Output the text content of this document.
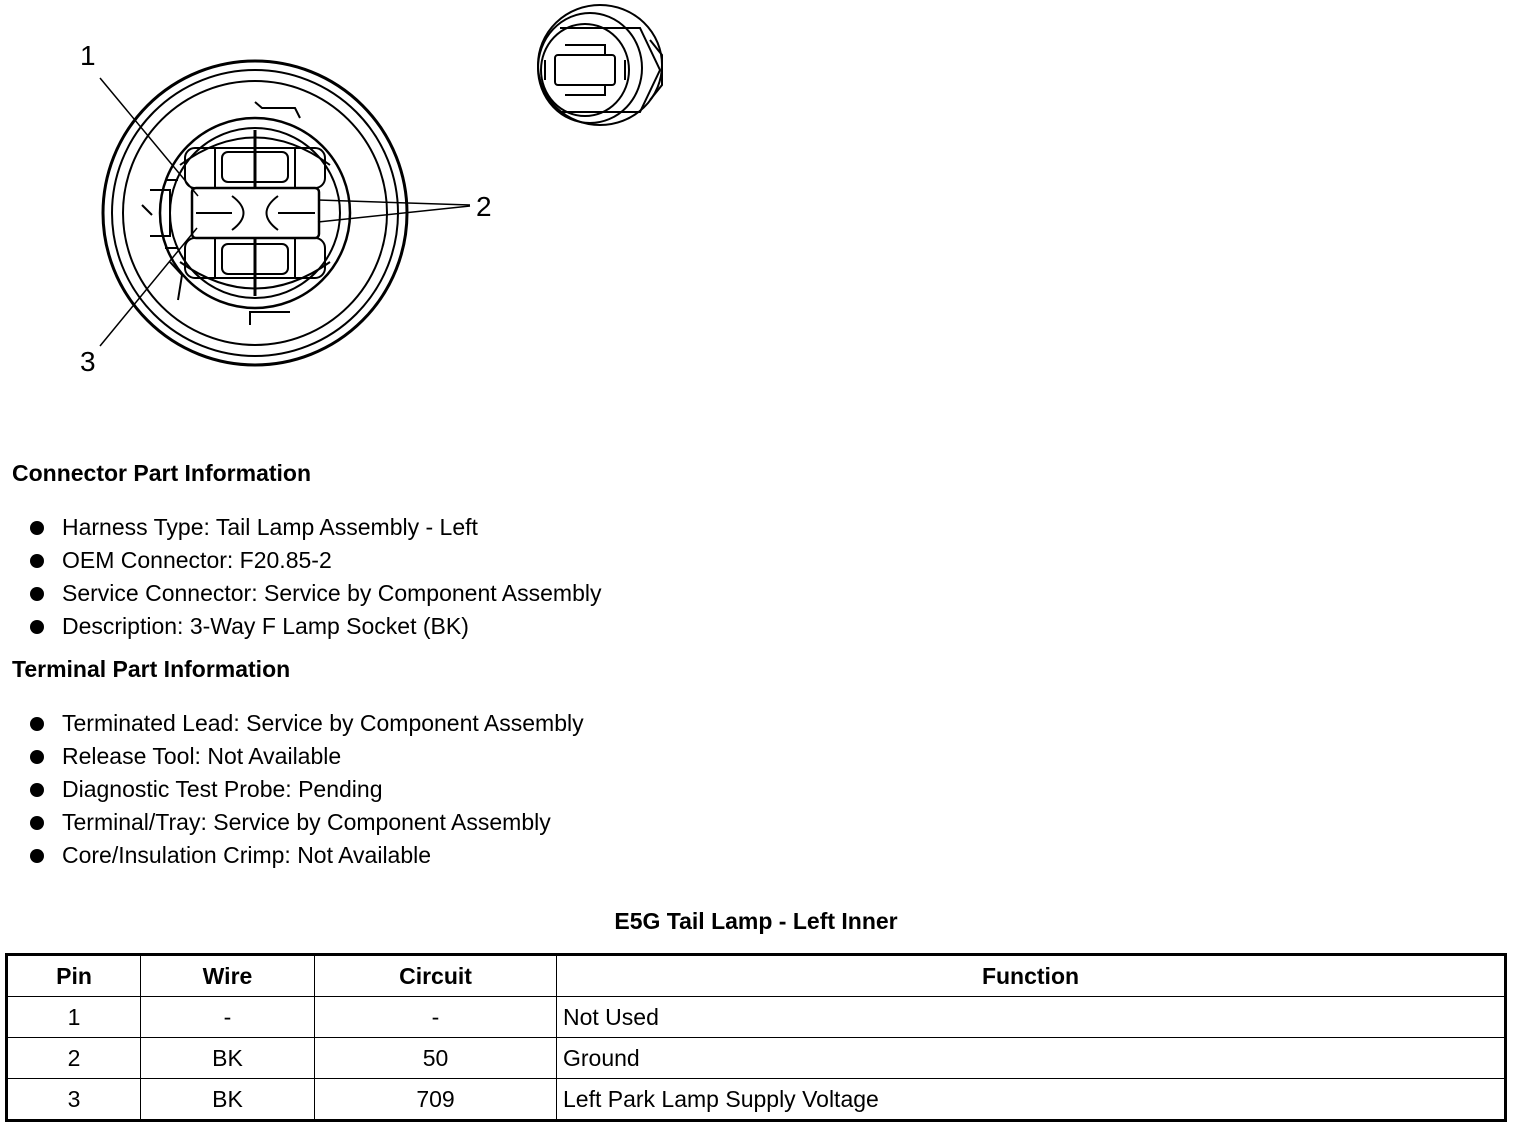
1
2
3
Connector Part Information
Harness Type: Tail Lamp Assembly - Left
OEM Connector: F20.85-2
Service Connector: Service by Component Assembly
Description: 3-Way F Lamp Socket (BK)
Terminal Part Information
Terminated Lead: Service by Component Assembly
Release Tool: Not Available
Diagnostic Test Probe: Pending
Terminal/Tray: Service by Component Assembly
Core/Insulation Crimp: Not Available
E5G Tail Lamp - Left Inner
Pin	Wire	Circuit	Function
1	-	-	Not Used
2	BK	50	Ground
3	BK	709	Left Park Lamp Supply Voltage
